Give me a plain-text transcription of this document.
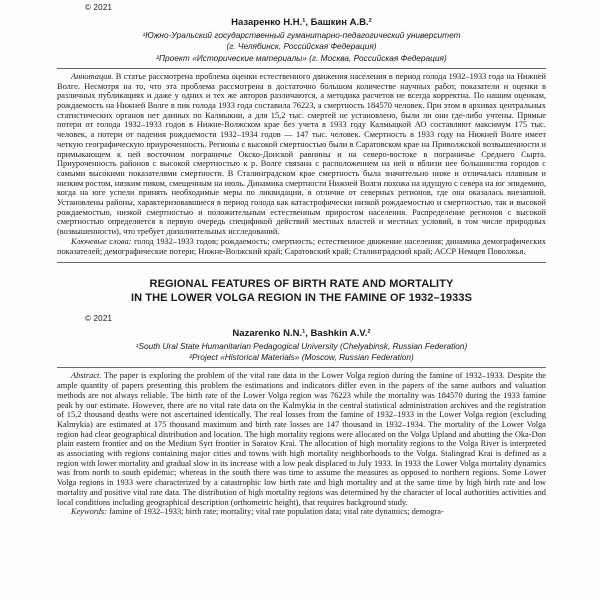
© 2021
Назаренко Н.Н.¹, Башкин А.В.²
¹Южно-Уральский государственный гуманитарно-педагогический университет
(г. Челябинск, Российская Федерация)
²Проект «Исторические материалы» (г. Москва, Российская Федерация)

Аннотация. В статье рассмотрена проблема оценки естественного движения населения в период голода 1932–1933 года на Нижней Волге. Несмотря на то, что эта проблема рассмотрена в достаточно большом количестве научных работ, показатели и оценки в различных публикациях и даже у одних и тех же авторов различаются, а методика расчетов не всегда корректна. По нашим оценкам, рождаемость на Нижней Волге в пик голода 1933 года составила 76223, а смертность 184570 человек. При этом в архивах центральных статистических органов нет данных по Калмыкии, а для 15,2 тыс. смертей не установлено, были ли они где-либо учтены. Прямые потери от голода 1932–1933 годов в Нижне-Волжском крае без учета в 1933 году Калмыцкой АО составляют максимум 175 тыс. человек, а потери от падения рождаемости 1932–1934 годов — 147 тыс. человек. Смертность в 1933 году на Нижней Волге имеет четкую географическую приуроченность. Регионы с высокой смертностью были в Саратовском крае на Приволжской возвышенности и примыкающем к ней восточном пограничье Окско-Донской равнины и на северо-востоке в пограничье Среднего Сырта. Приуроченность районов с высокой смертностью к р. Волге связана с расположением на ней и вблизи нее большинства городов с самыми высокими показателями смертности. В Сталинградском крае смертность была значительно ниже и отличалась плавным и низким ростом, низким пиком, смещенным на июль. Динамика смертности Нижней Волги похожа на идущую с севера на юг эпидемию, когда на юге успели принять необходимые меры по ликвидации, в отличие от северных регионов, где она оказалась внезапной. Установлены районы, характеризовавшиеся в период голода как катастрофически низкой рождаемостью и смертностью, так и высокой рождаемостью, низкой смертностью и положительным естественным приростом населения. Распределение регионов с высокой смертностью определяется в первую очередь спецификой действий местных властей и местных условий, в том числе природных (возвышенности), что требует дополнительных исследований.

Ключевые слова: голод 1932–1933 годов; рождаемость; смертность; естественное движение населения; динамика демографических показателей; демографические потери; Нижне-Волжский край; Саратовский край; Сталинградский край; АССР Немцев Поволжья.

REGIONAL FEATURES OF BIRTH RATE AND MORTALITY
IN THE LOWER VOLGA REGION IN THE FAMINE OF 1932–1933S
© 2021
Nazarenko N.N.¹, Bashkin A.V.²
¹South Ural State Humanitarian Pedagogical University (Chelyabinsk, Russian Federation)
²Project «Historical Materials» (Moscow, Russian Federation)

Abstract. The paper is exploring the problem of the vital rate data in the Lower Volga region during the famine of 1932–1933. Despite the ample quantity of papers presenting this problem the estimations and indicators differ even in the papers of the same authors and valuation methods are not always reliable. The birth rate of the Lower Volga region was 76223 while the mortality was 184570 during the 1933 famine peak by our estimate. However, there are no vital rate data on the Kalmykia in the central statistical administration archives and the registration of 15,2 thousand deaths were not ascertained identically. The real losses from the famine of 1932–1933 in the Lower Volga region (excluding Kalmykia) are estimated at 175 thousand maximum and birth rate losses are 147 thousand in 1932–1934. The mortality of the Lower Volga region had clear geographical distribution and location. The high mortality regions were allocated on the Volga Upland and abutting the Oka-Don plain eastern frontier and on the Medium Syrt frontier in Saratov Krai. The allocation of high mortality regions to the Volga River is interpreted as associating with regions containing major cities and towns with high mortality neighborhoods to the Volga. Stalingrad Krai is defined as a region with lower mortality and gradual slow in its increase with a low peak displaced to July 1933. In 1933 the Lower Volga mortality dynamics was from north to south epidemic; whereas in the south there was time to assume the measures as opposed to northern regions. Some Lower Volga regions in 1933 were characterized by a catastrophic low birth rate and high mortality and at the same time by high birth rate and low mortality and positive vital rate data. The distribution of high mortality regions was determined by the character of local authorities activities and local conditions including geographical description (orthometric height), that requires background study.

Keywords: famine of 1932–1933; birth rate; mortality; vital rate population data; vital rate dynamics; demogra-
